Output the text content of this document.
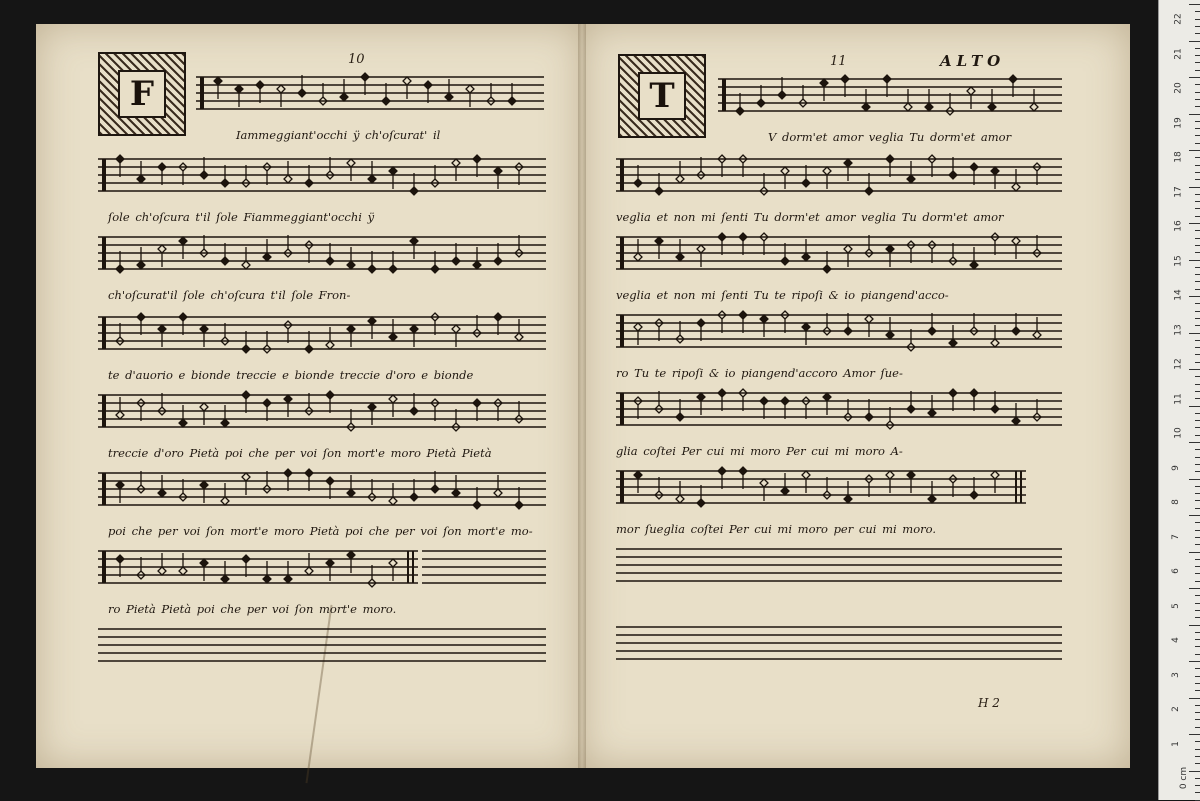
F
10
Iammeggiant'occhi ÿ ch'oſcurat' il
ſole ch'oſcura t'il ſole Fiammeggiant'occhi ÿ
ch'oſcurat'il ſole ch'oſcura t'il ſole Fron-
te d'auorio e bionde treccie e bionde treccie d'oro e bionde
treccie d'oro Pietà poi che per voi ſon mort'e moro Pietà Pietà
poi che per voi ſon mort'e moro Pietà poi che per voi ſon mort'e mo-
ro Pietà Pietà poi che per voi ſon mort'e moro.
T
11	ALTO
H 2
V dorm'et amor veglia Tu dorm'et amor
veglia et non mi ſenti Tu dorm'et amor veglia Tu dorm'et amor
veglia et non mi ſenti Tu te ripoſi & io piangend'acco-
ro Tu te ripoſi & io piangend'accoro Amor ſue-
glia coſtei Per cui mi moro Per cui mi moro A-
mor ſueglia coſtei Per cui mi moro per cui mi moro.
22
21
20
19
18
17
16
15
14
13
12
11
10
9
8
7
6
5
4
3
2
1
0 cm
